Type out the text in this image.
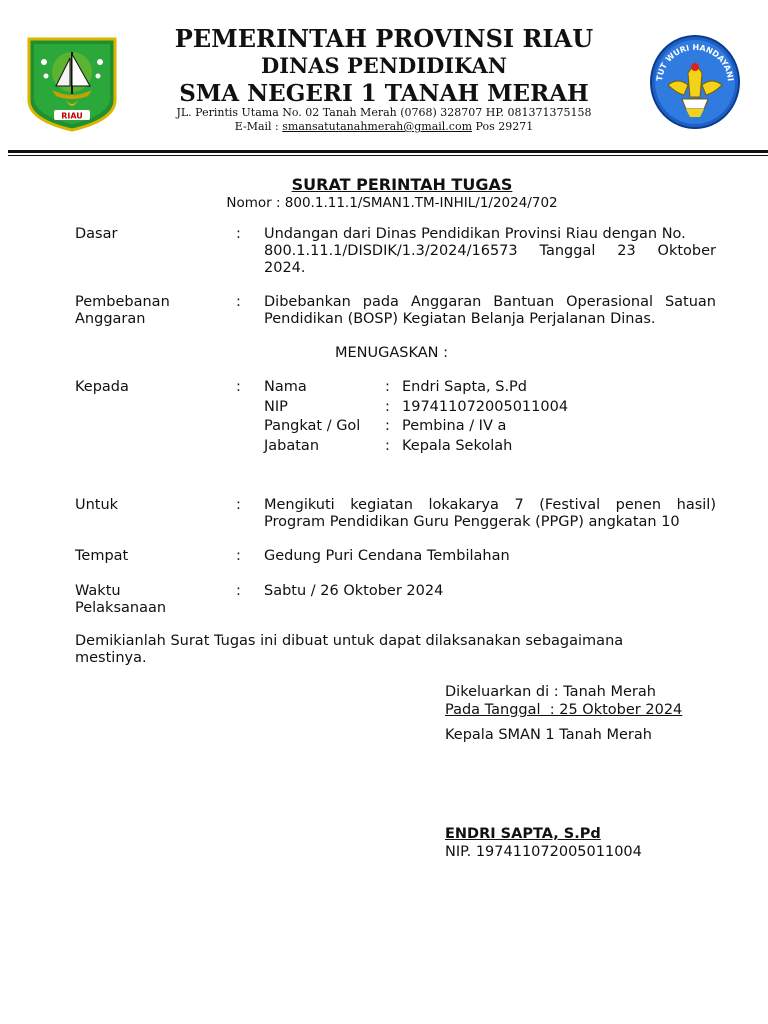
RIAU
TUT WURI HANDAYANI
PEMERINTAH PROVINSI RIAU
DINAS PENDIDIKAN
SMA NEGERI 1 TANAH MERAH
JL. Perintis Utama No. 02 Tanah Merah (0768) 328707 HP. 081371375158
E-Mail : smansatutanahmerah@gmail.com Pos 29271
SURAT PERINTAH TUGAS
Nomor : 800.1.11.1/SMAN1.TM-INHIL/1/2024/702
Dasar	: Undangan dari Dinas Pendidikan Provinsi Riau dengan No.
800.1.11.1/DISDIK/1.3/2024/16573 Tanggal 23 Oktober
2024.
Pembebanan
Anggaran
: Dibebankan pada Anggaran Bantuan Operasional Satuan
Pendidikan (BOSP) Kegiatan Belanja Perjalanan Dinas.
MENUGASKAN :
Kepada	: Nama	: Endri Sapta, S.Pd
NIP	: 197411072005011004
Pangkat / Gol : Pembina / IV a
Jabatan	: Kepala Sekolah
Untuk	: Mengikuti kegiatan lokakarya 7 (Festival penen hasil)
Program Pendidikan Guru Penggerak (PPGP) angkatan 10
Tempat	: Gedung Puri Cendana Tembilahan
Waktu
Pelaksanaan
: Sabtu / 26 Oktober 2024
Demikianlah Surat Tugas ini dibuat untuk dapat dilaksanakan sebagaimana
mestinya.
Dikeluarkan di : Tanah Merah
Pada Tanggal  : 25 Oktober 2024
Kepala SMAN 1 Tanah Merah
ENDRI SAPTA, S.Pd
NIP. 197411072005011004
